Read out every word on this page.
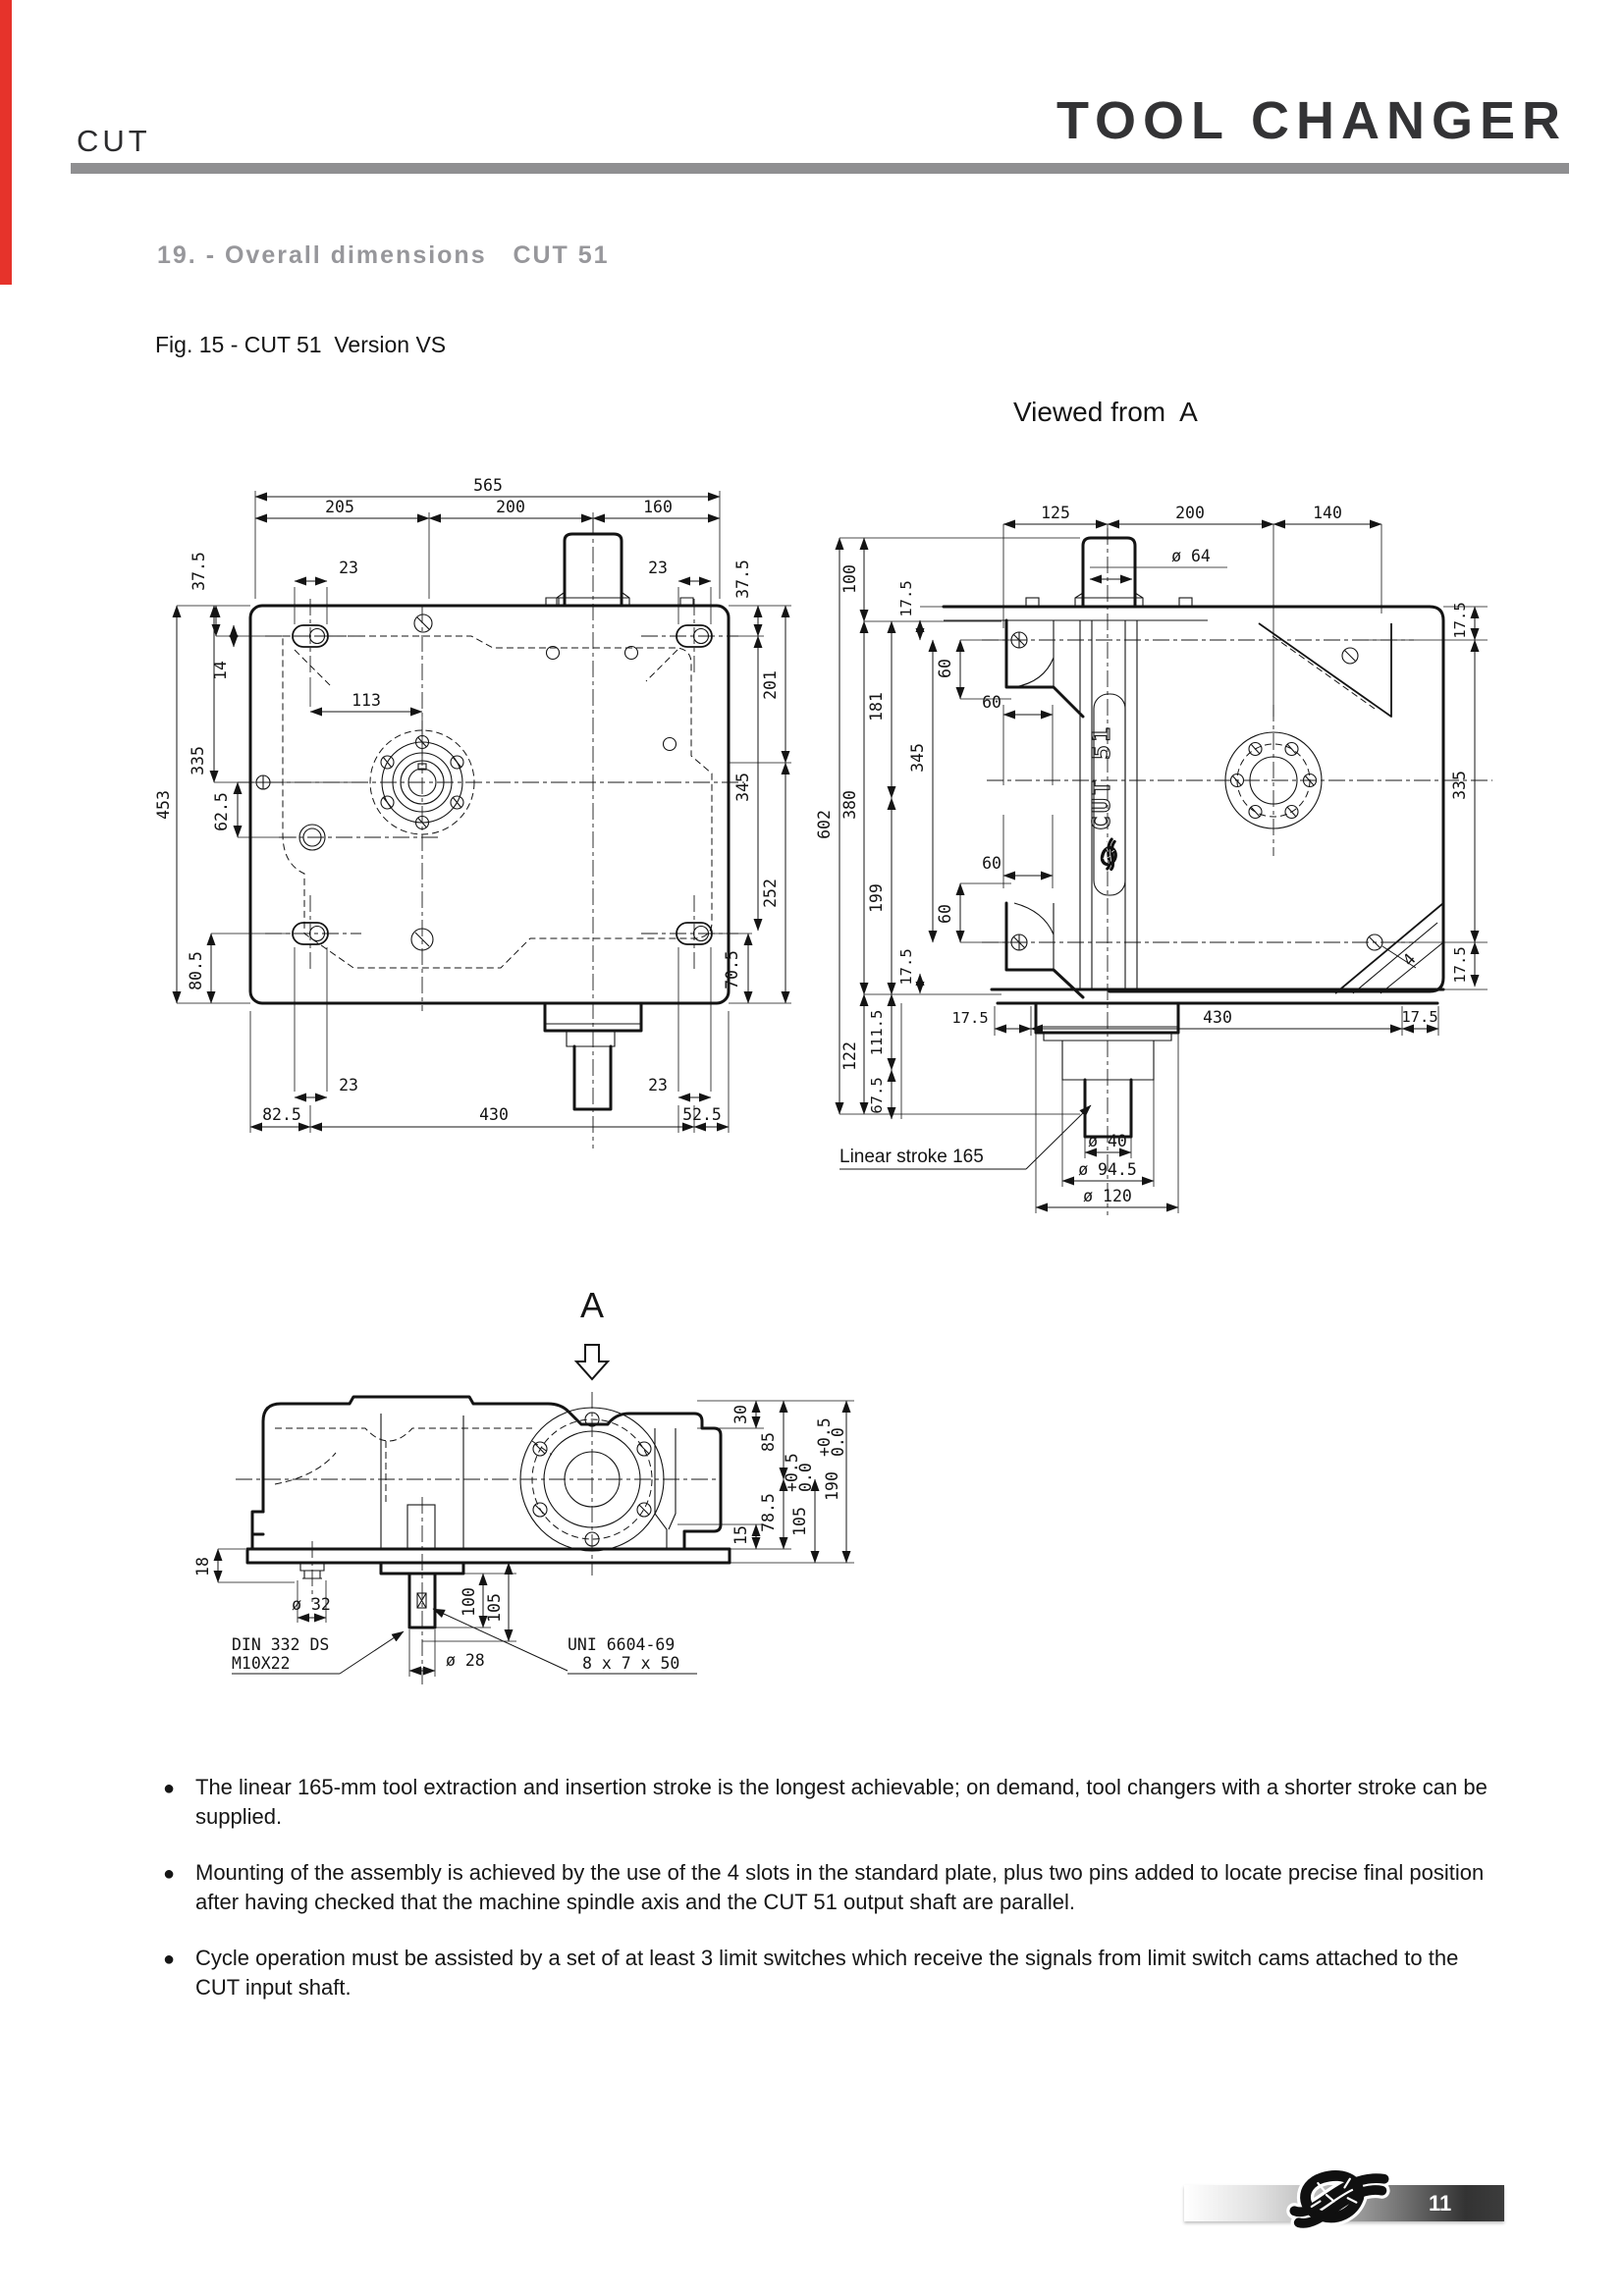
CUT	TOOL CHANGER
19. - Overall dimensions   CUT 51
Fig. 15 - CUT 51  Version VS
Viewed from  A
565
205	200	160
23	23
113
37.5
14
453
335
62.5
80.5
37.5
201
345
252
70.5
23	23
82.5	430	52.5
CUT 51
125	200	140
ø 64
602
100
380
122
181
199
111.5
67.5
17.5
17.5
345
60
60
60
60
17.5
335
17.5
4
17.5	430	17.5
ø 40
ø 94.5
ø 120
Linear stroke 165
A
18
ø 32
ø 28
100 105
30
85
78.5
15 105
+0.5
0.0 190
+0.5
0.0
DIN 332 DS
M10X22
UNI 6604-69
8 x 7 x 50
● The linear 165-mm tool extraction and insertion stroke is the longest achievable; on demand, tool changers with a shorter stroke can be supplied.
● Mounting of the assembly is achieved by the use of the 4 slots in the standard plate, plus two pins added to locate precise final position after having checked that the machine spindle axis and the CUT 51 output shaft are parallel.
● Cycle operation must be assisted by a set of at least 3 limit switches which receive the signals from limit switch cams attached to the CUT input shaft.
11
